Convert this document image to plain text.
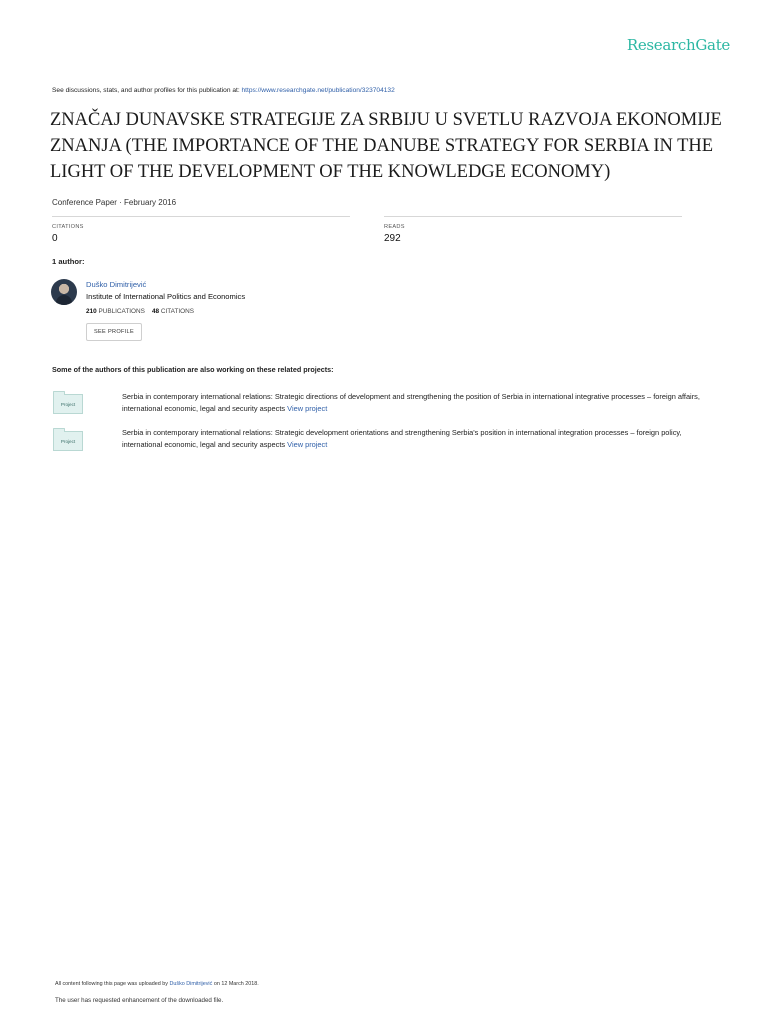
ResearchGate
See discussions, stats, and author profiles for this publication at: https://www.researchgate.net/publication/323704132
ZNAČAJ DUNAVSKE STRATEGIJE ZA SRBIJU U SVETLU RAZVOJA EKONOMIJE ZNANJA (THE IMPORTANCE OF THE DANUBE STRATEGY FOR SERBIA IN THE LIGHT OF THE DEVELOPMENT OF THE KNOWLEDGE ECONOMY)
Conference Paper · February 2016
CITATIONS
0
READS
292
1 author:
Duško Dimitrijević
Institute of International Politics and Economics
210 PUBLICATIONS 48 CITATIONS
SEE PROFILE
Some of the authors of this publication are also working on these related projects:
Project
Serbia in contemporary international relations: Strategic directions of development and strengthening the position of Serbia in international integrative processes – foreign affairs, international economic, legal and security aspects View project
Project
Serbia in contemporary international relations: Strategic development orientations and strengthening Serbia's position in international integration processes – foreign policy, international economic, legal and security aspects View project
All content following this page was uploaded by Duško Dimitrijević on 12 March 2018.
The user has requested enhancement of the downloaded file.
